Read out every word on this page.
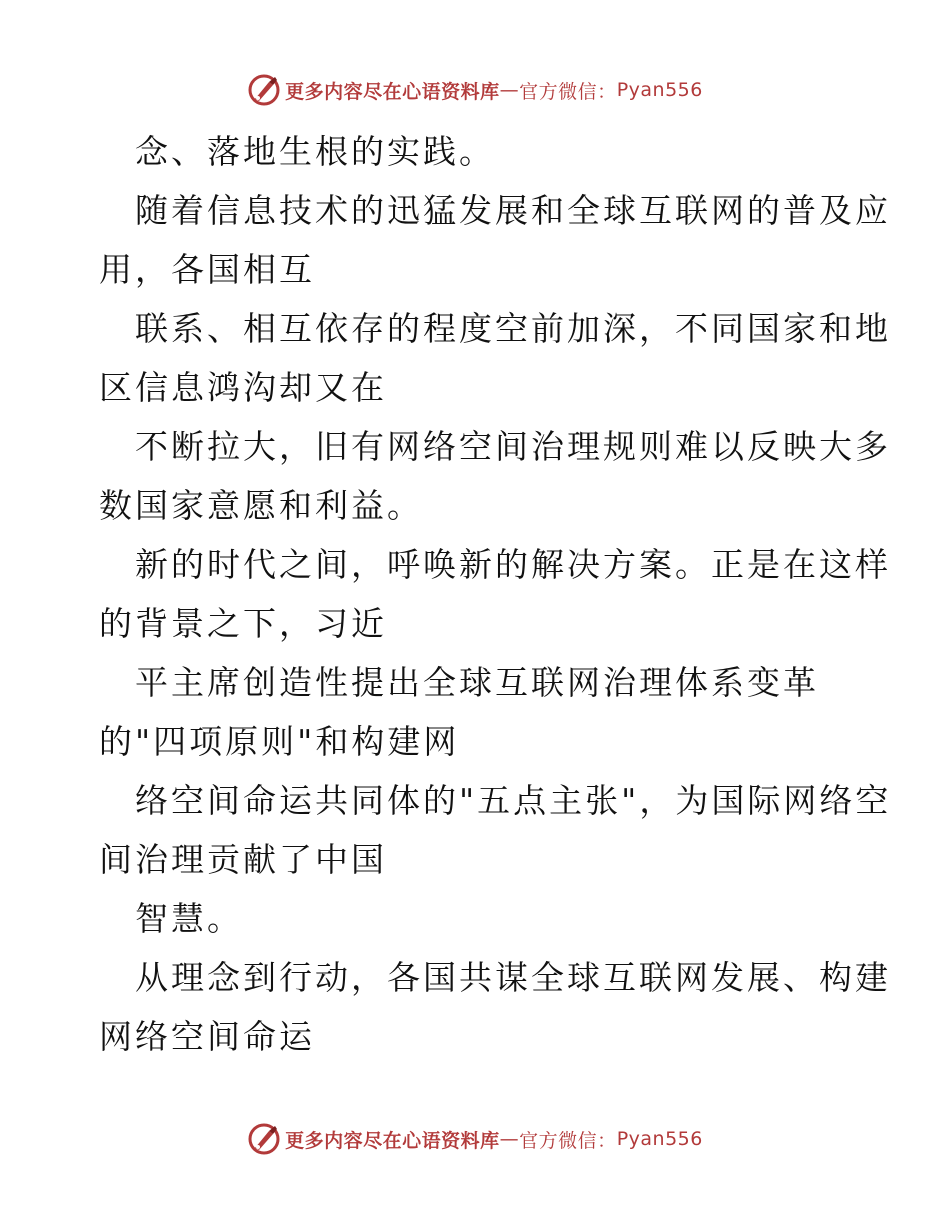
更多内容尽在心语资料库 — 官方微信： Pyan556
念、落地生根的实践。
随着信息技术的迅猛发展和全球互联网的普及应
用，各国相互
联系、相互依存的程度空前加深，不同国家和地
区信息鸿沟却又在
不断拉大，旧有网络空间治理规则难以反映大多
数国家意愿和利益。
新的时代之间，呼唤新的解决方案。正是在这样
的背景之下，习近
平主席创造性提出全球互联网治理体系变革
的"四项原则"和构建网
络空间命运共同体的"五点主张"，为国际网络空
间治理贡献了中国
智慧。
从理念到行动，各国共谋全球互联网发展、构建
网络空间命运
更多内容尽在心语资料库 — 官方微信： Pyan556
